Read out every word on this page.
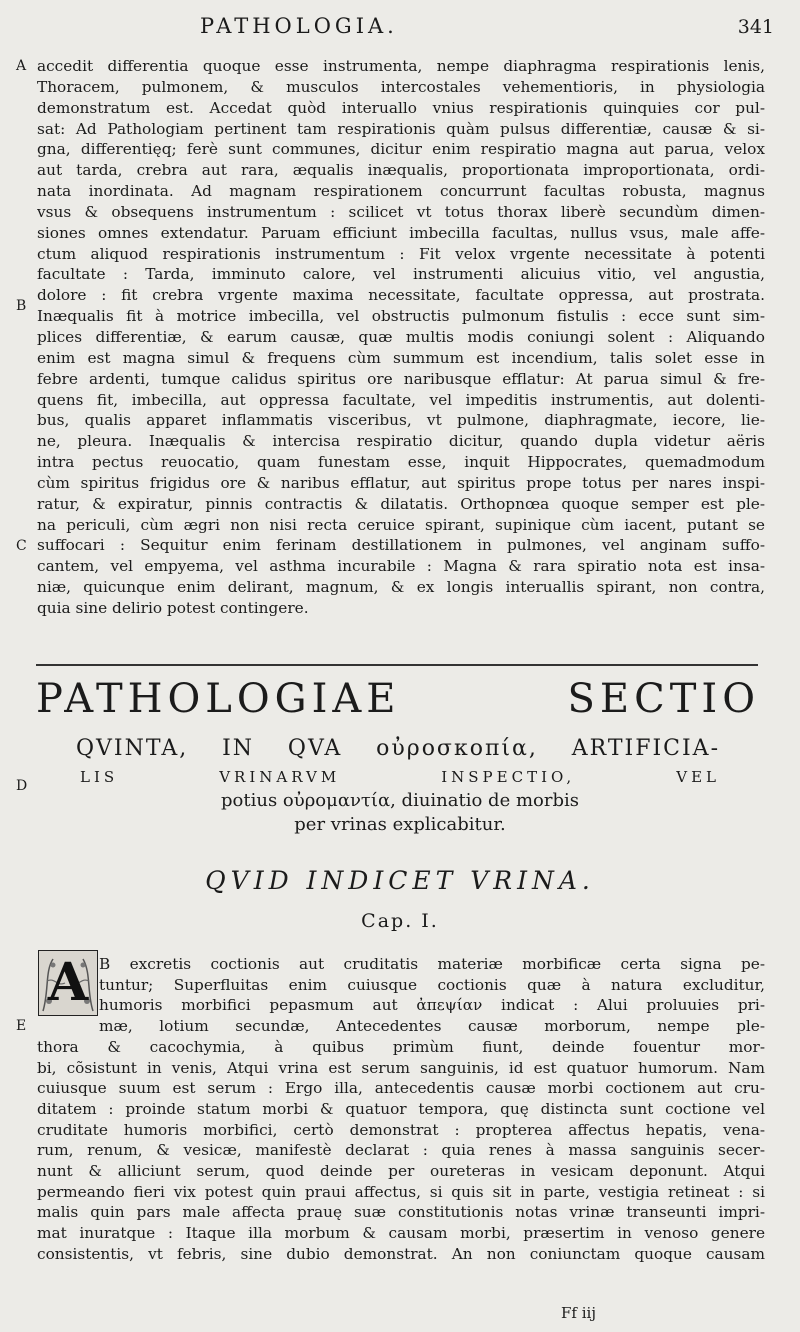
PATHOLOGIA.	341
A
B
C
D
E
accedit differentia quoque esse instrumenta, nempe diaphragma respirationis lenis,
Thoracem, pulmonem, & musculos intercostales vehementioris, in physiologia
demonstratum est. Accedat quòd interuallo vnius respirationis quinquies cor pul-
sat: Ad Pathologiam pertinent tam respirationis quàm pulsus differentiæ, causæ & si-
gna, differentięq; ferè sunt communes, dicitur enim respiratio magna aut parua, velox
aut tarda, crebra aut rara, æqualis inæqualis, proportionata improportionata, ordi-
nata inordinata. Ad magnam respirationem concurrunt facultas robusta, magnus
vsus & obsequens instrumentum : scilicet vt totus thorax liberè secundùm dimen-
siones omnes extendatur. Paruam efficiunt imbecilla facultas, nullus vsus, male affe-
ctum aliquod respirationis instrumentum : Fit velox vrgente necessitate à potenti
facultate : Tarda, imminuto calore, vel instrumenti alicuius vitio, vel angustia,
dolore : fit crebra vrgente maxima necessitate, facultate oppressa, aut prostrata.
Inæqualis fit à motrice imbecilla, vel obstructis pulmonum fistulis : ecce sunt sim-
plices differentiæ, & earum causæ, quæ multis modis coniungi solent : Aliquando
enim est magna simul & frequens cùm summum est incendium, talis solet esse in
febre ardenti, tumque calidus spiritus ore naribusque efflatur: At parua simul & fre-
quens fit, imbecilla, aut oppressa facultate, vel impeditis instrumentis, aut dolenti-
bus, qualis apparet inflammatis visceribus, vt pulmone, diaphragmate, iecore, lie-
ne, pleura. Inæqualis & intercisa respiratio dicitur, quando dupla videtur aëris
intra pectus reuocatio, quam funestam esse, inquit Hippocrates, quemadmodum
cùm spiritus frigidus ore & naribus efflatur, aut spiritus prope totus per nares inspi-
ratur, & expiratur, pinnis contractis & dilatatis. Orthopnœa quoque semper est ple-
na periculi, cùm ægri non nisi recta ceruice spirant, supinique cùm iacent, putant se
suffocari : Sequitur enim ferinam destillationem in pulmones, vel anginam suffo-
cantem, vel empyema, vel asthma incurabile : Magna & rara spiratio nota est insa-
niæ, quicunque enim delirant, magnum, & ex longis interuallis spirant, non contra,
quia sine delirio potest contingere.
PATHOLOGIAE SECTIO
QVINTA, IN QVA οὐροσκοπία, ARTIFICIA-
LIS VRINARVM INSPECTIO, VEL
potius οὐρομαντία, diuinatio de morbis
per vrinas explicabitur.
QVID INDICET VRINA.
Cap. I.
A B excretis coctionis aut cruditatis materiæ morbificæ certa signa pe-
tuntur; Superfluitas enim cuiusque coctionis quæ à natura excluditur,
humoris morbifici pepasmum aut ἀπεψίαν indicat : Alui proluuies pri-
mæ, lotium secundæ, Antecedentes causæ morborum, nempe ple-
thora & cacochymia, à quibus primùm fiunt, deinde fouentur mor-
bi, cõsistunt in venis, Atqui vrina est serum sanguinis, id est quatuor humorum. Nam
cuiusque suum est serum : Ergo illa, antecedentis causæ morbi coctionem aut cru-
ditatem : proinde statum morbi & quatuor tempora, quę distincta sunt coctione vel
cruditate humoris morbifici, certò demonstrat : propterea affectus hepatis, vena-
rum, renum, & vesicæ, manifestè declarat : quia renes à massa sanguinis secer-
nunt & alliciunt serum, quod deinde per oureteras in vesicam deponunt. Atqui
permeando fieri vix potest quin praui affectus, si quis sit in parte, vestigia retineat : si
malis quin pars male affecta prauę suæ constitutionis notas vrinæ transeunti impri-
mat inuratque : Itaque illa morbum & causam morbi, præsertim in venoso genere
consistentis, vt febris, sine dubio demonstrat. An non coniunctam quoque causam
Ff iij
